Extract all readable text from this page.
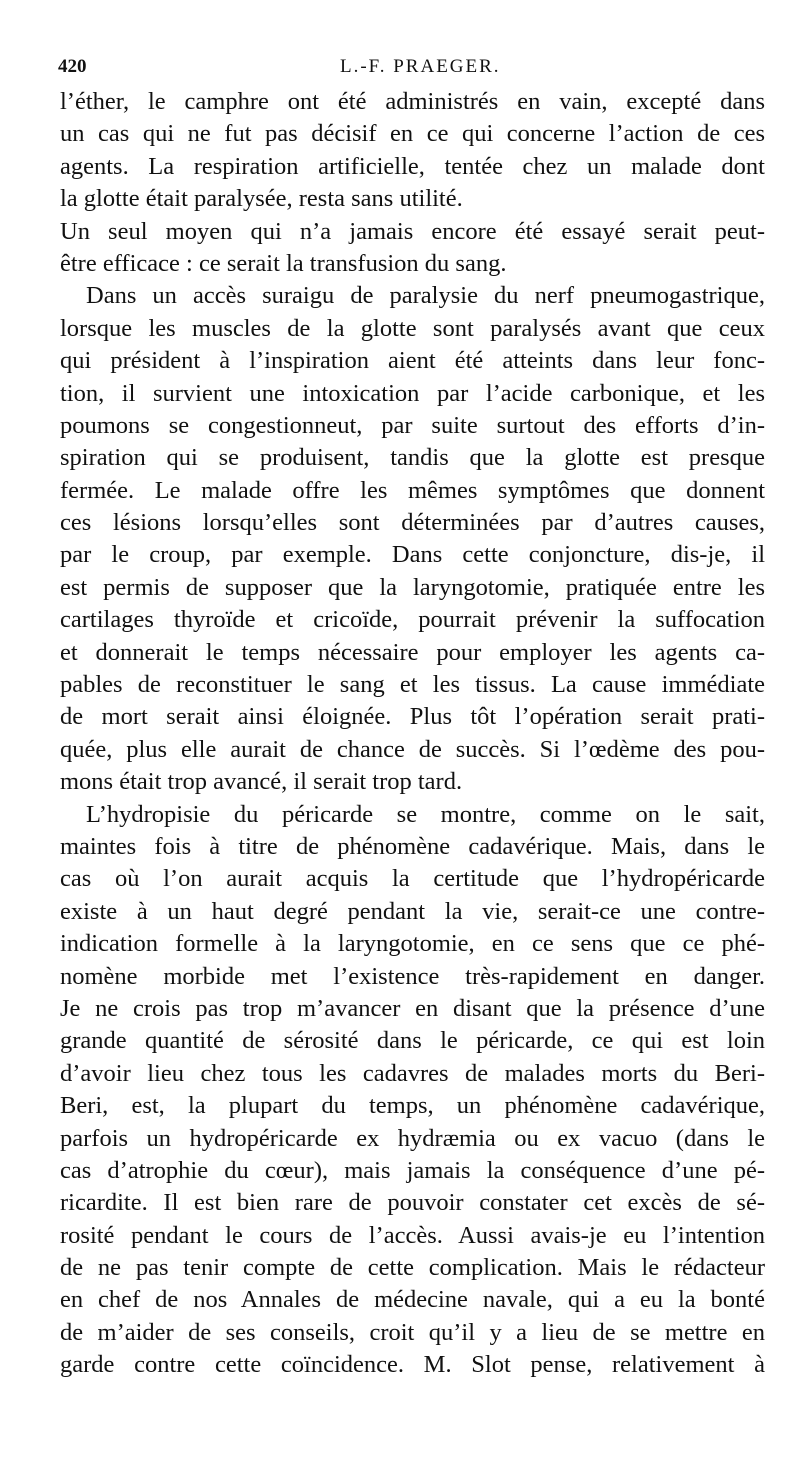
420	L.-F. PRAEGER.
l’éther, le camphre ont été administrés en vain, excepté dans
un cas qui ne fut pas décisif en ce qui concerne l’action de ces
agents. La respiration artificielle, tentée chez un malade dont
la glotte était paralysée, resta sans utilité.
Un seul moyen qui n’a jamais encore été essayé serait peut-
être efficace : ce serait la transfusion du sang.
Dans un accès suraigu de paralysie du nerf pneumogastrique,
lorsque les muscles de la glotte sont paralysés avant que ceux
qui président à l’inspiration aient été atteints dans leur fonc-
tion, il survient une intoxication par l’acide carbonique, et les
poumons se congestionneut, par suite surtout des efforts d’in-
spiration qui se produisent, tandis que la glotte est presque
fermée. Le malade offre les mêmes symptômes que donnent
ces lésions lorsqu’elles sont déterminées par d’autres causes,
par le croup, par exemple. Dans cette conjoncture, dis-je, il
est permis de supposer que la laryngotomie, pratiquée entre les
cartilages thyroïde et cricoïde, pourrait prévenir la suffocation
et donnerait le temps nécessaire pour employer les agents ca-
pables de reconstituer le sang et les tissus. La cause immédiate
de mort serait ainsi éloignée. Plus tôt l’opération serait prati-
quée, plus elle aurait de chance de succès. Si l’œdème des pou-
mons était trop avancé, il serait trop tard.
L’hydropisie du péricarde se montre, comme on le sait,
maintes fois à titre de phénomène cadavérique. Mais, dans le
cas où l’on aurait acquis la certitude que l’hydropéricarde
existe à un haut degré pendant la vie, serait-ce une contre-
indication formelle à la laryngotomie, en ce sens que ce phé-
nomène morbide met l’existence très-rapidement en danger.
Je ne crois pas trop m’avancer en disant que la présence d’une
grande quantité de sérosité dans le péricarde, ce qui est loin
d’avoir lieu chez tous les cadavres de malades morts du Beri-
Beri, est, la plupart du temps, un phénomène cadavérique,
parfois un hydropéricarde ex hydræmia ou ex vacuo (dans le
cas d’atrophie du cœur), mais jamais la conséquence d’une pé-
ricardite. Il est bien rare de pouvoir constater cet excès de sé-
rosité pendant le cours de l’accès. Aussi avais-je eu l’intention
de ne pas tenir compte de cette complication. Mais le rédacteur
en chef de nos Annales de médecine navale, qui a eu la bonté
de m’aider de ses conseils, croit qu’il y a lieu de se mettre en
garde contre cette coïncidence. M. Slot pense, relativement à
